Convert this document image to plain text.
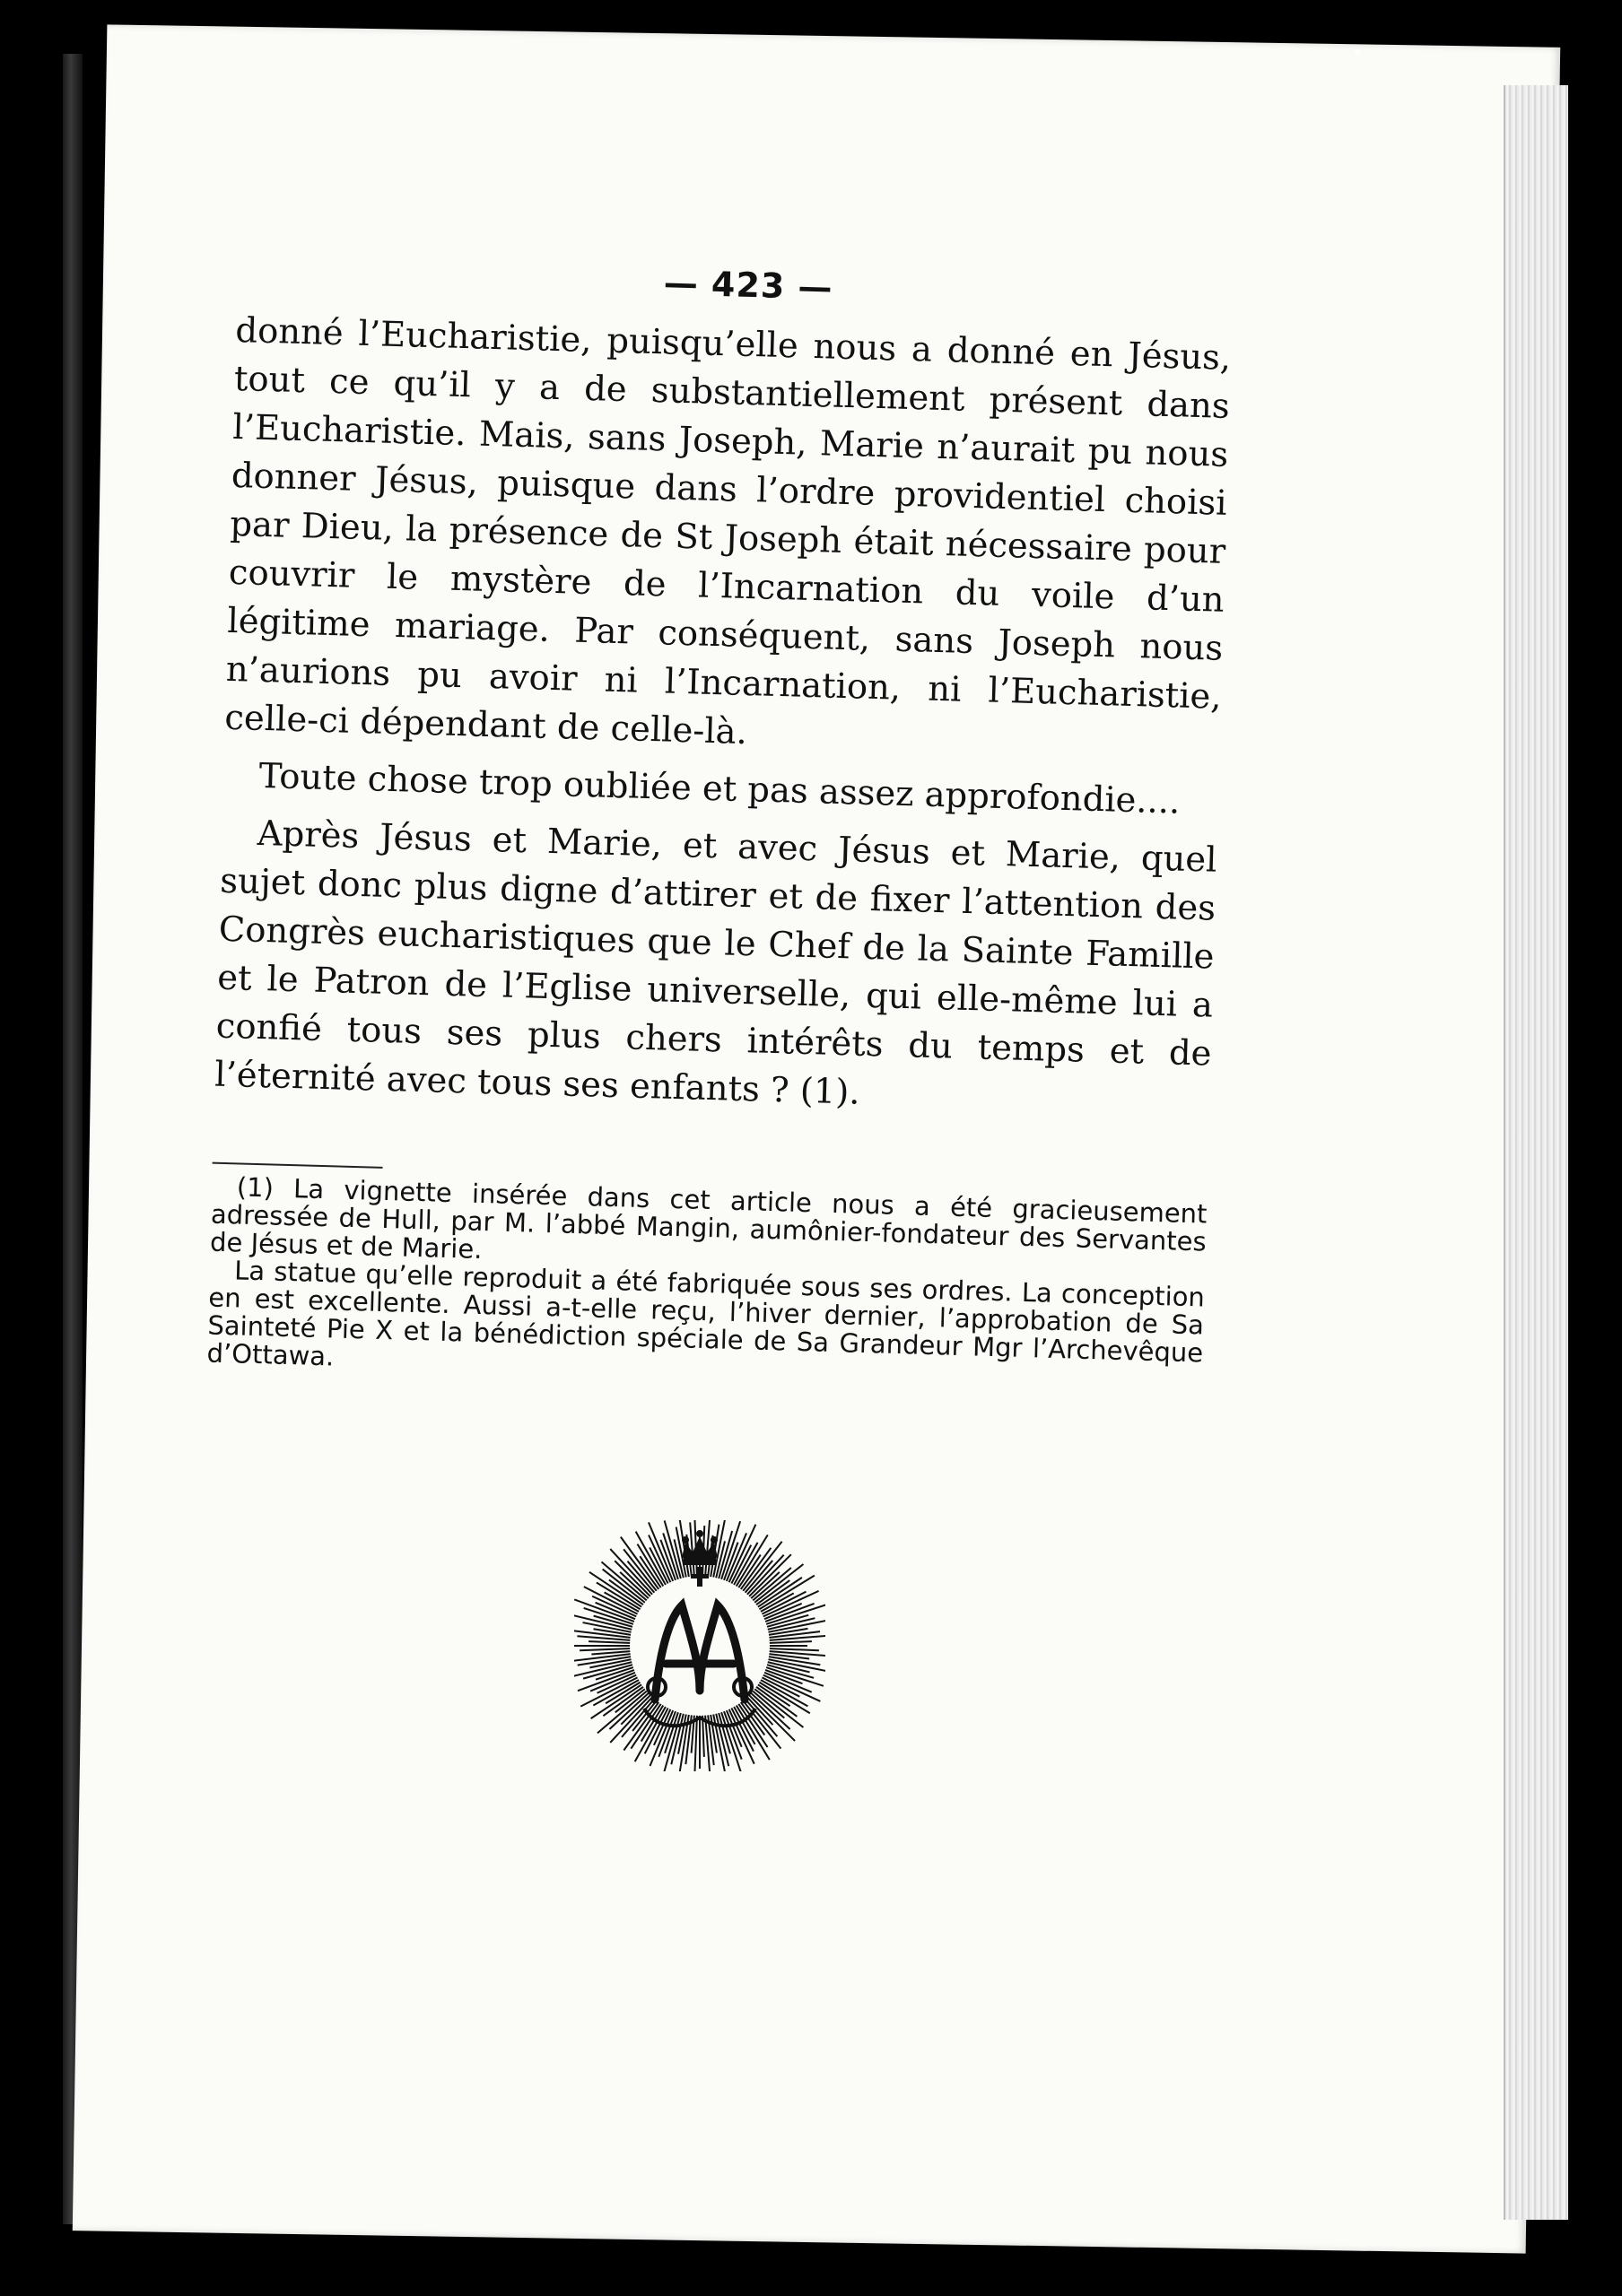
— 423 —

donné l’Eucharistie, puisqu’elle nous a donné en Jésus, tout ce qu’il y a de substantiellement présent dans l’Eucharistie. Mais, sans Joseph, Marie n’aurait pu nous donner Jésus, puisque dans l’ordre providentiel choisi par Dieu, la présence de St Joseph était nécessaire pour couvrir le mystère de l’Incarnation du voile d’un légitime mariage. Par conséquent, sans Joseph nous n’aurions pu avoir ni l’Incarnation, ni l’Eucharistie, celle-ci dépendant de celle-là.

Toute chose trop oubliée et pas assez approfondie....

Après Jésus et Marie, et avec Jésus et Marie, quel sujet donc plus digne d’attirer et de fixer l’attention des Congrès eucharistiques que le Chef de la Sainte Famille et le Patron de l’Eglise universelle, qui elle-même lui a confié tous ses plus chers intérêts du temps et de l’éternité avec tous ses enfants ? (1).

(1) La vignette insérée dans cet article nous a été gracieusement adressée de Hull, par M. l’abbé Mangin, aumônier-fondateur des Servantes de Jésus et de Marie.

La statue qu’elle reproduit a été fabriquée sous ses ordres. La conception en est excellente. Aussi a-t-elle reçu, l’hiver dernier, l’approbation de Sa Sainteté Pie X et la bénédiction spéciale de Sa Grandeur Mgr l’Archevêque d’Ottawa.
